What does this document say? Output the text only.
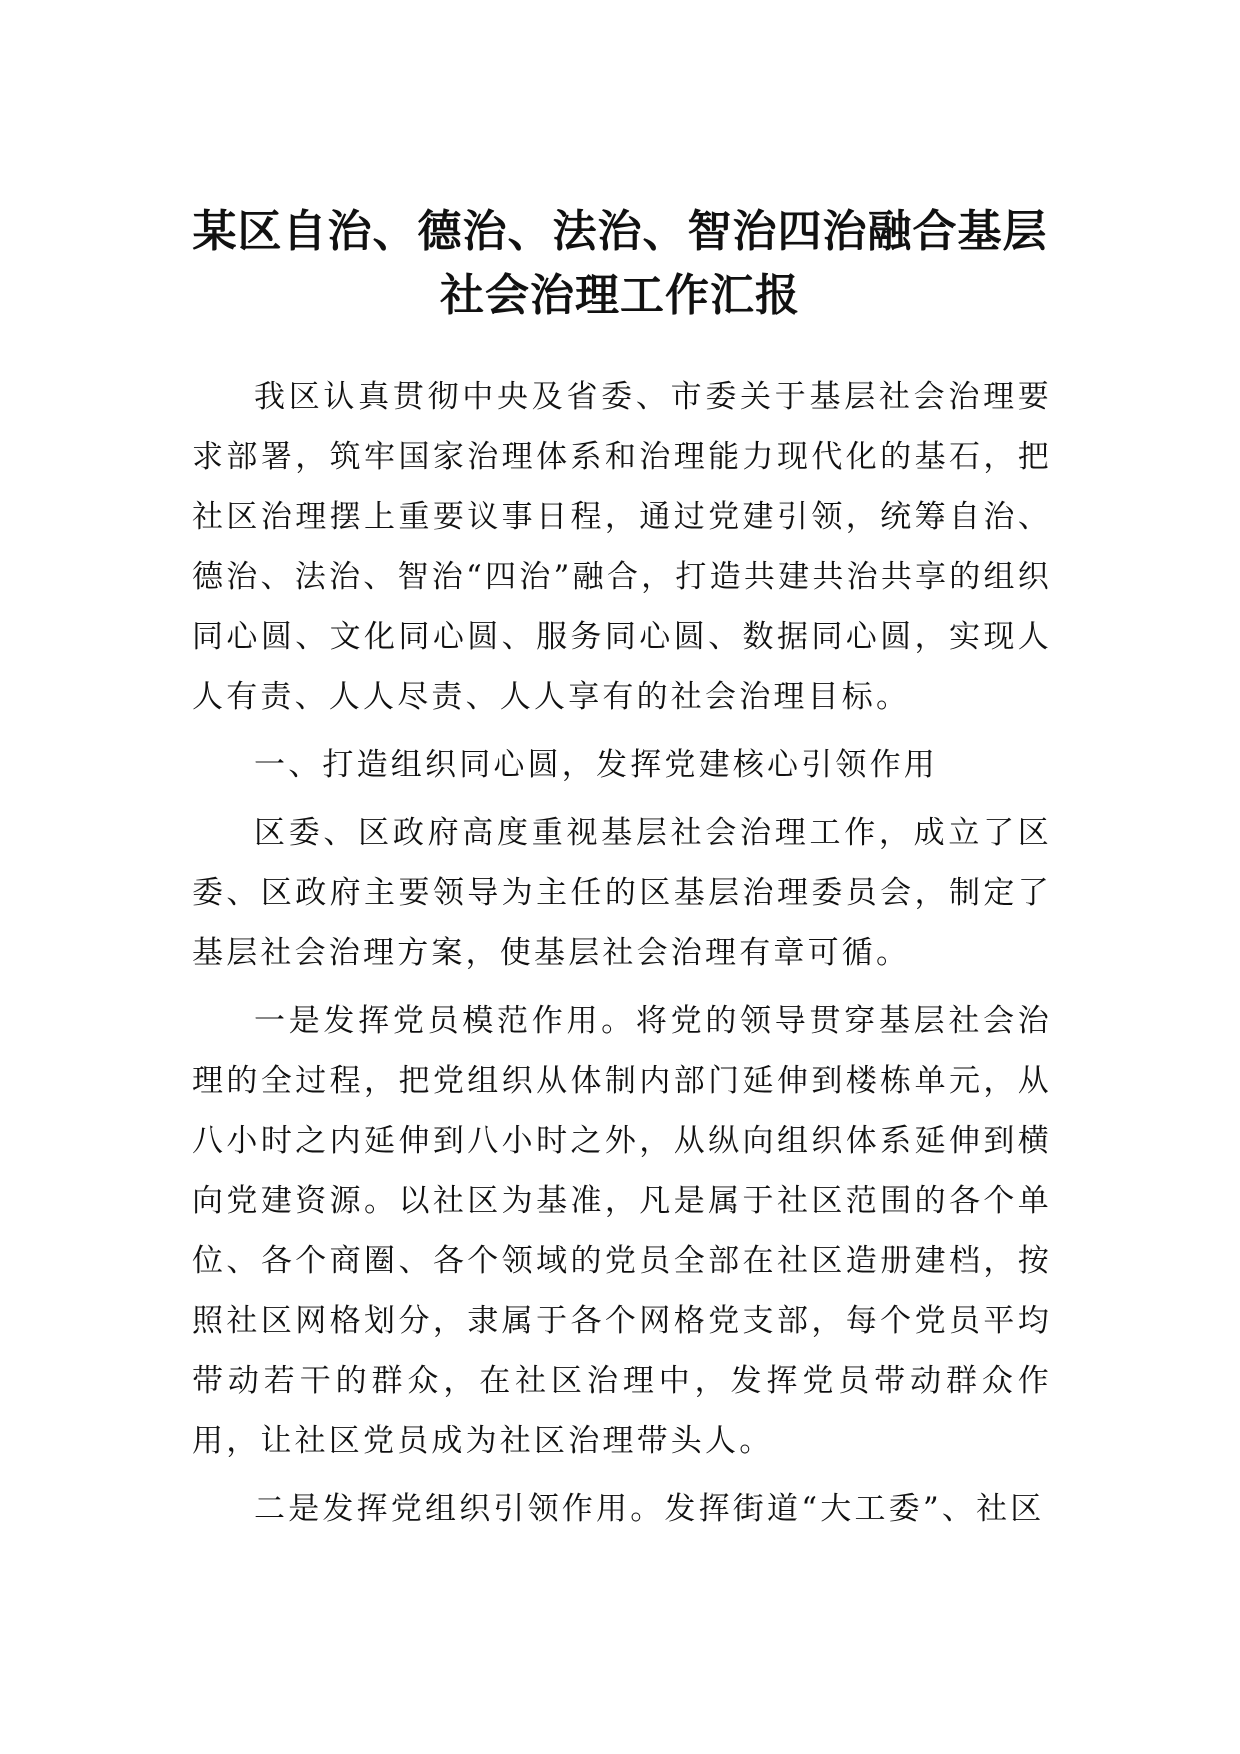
某区自治、德治、法治、智治四治融合基层
社会治理工作汇报

我区认真贯彻中央及省委、市委关于基层社会治理要求部署，筑牢国家治理体系和治理能力现代化的基石，把社区治理摆上重要议事日程，通过党建引领，统筹自治、德治、法治、智治“四治”融合，打造共建共治共享的组织同心圆、文化同心圆、服务同心圆、数据同心圆，实现人人有责、人人尽责、人人享有的社会治理目标。

一、打造组织同心圆，发挥党建核心引领作用

区委、区政府高度重视基层社会治理工作，成立了区委、区政府主要领导为主任的区基层治理委员会，制定了基层社会治理方案，使基层社会治理有章可循。

一是发挥党员模范作用。将党的领导贯穿基层社会治理的全过程，把党组织从体制内部门延伸到楼栋单元，从八小时之内延伸到八小时之外，从纵向组织体系延伸到横向党建资源。以社区为基准，凡是属于社区范围的各个单位、各个商圈、各个领域的党员全部在社区造册建档，按照社区网格划分，隶属于各个网格党支部，每个党员平均带动若干的群众，在社区治理中，发挥党员带动群众作用，让社区党员成为社区治理带头人。

二是发挥党组织引领作用。发挥街道“大工委”、社区
